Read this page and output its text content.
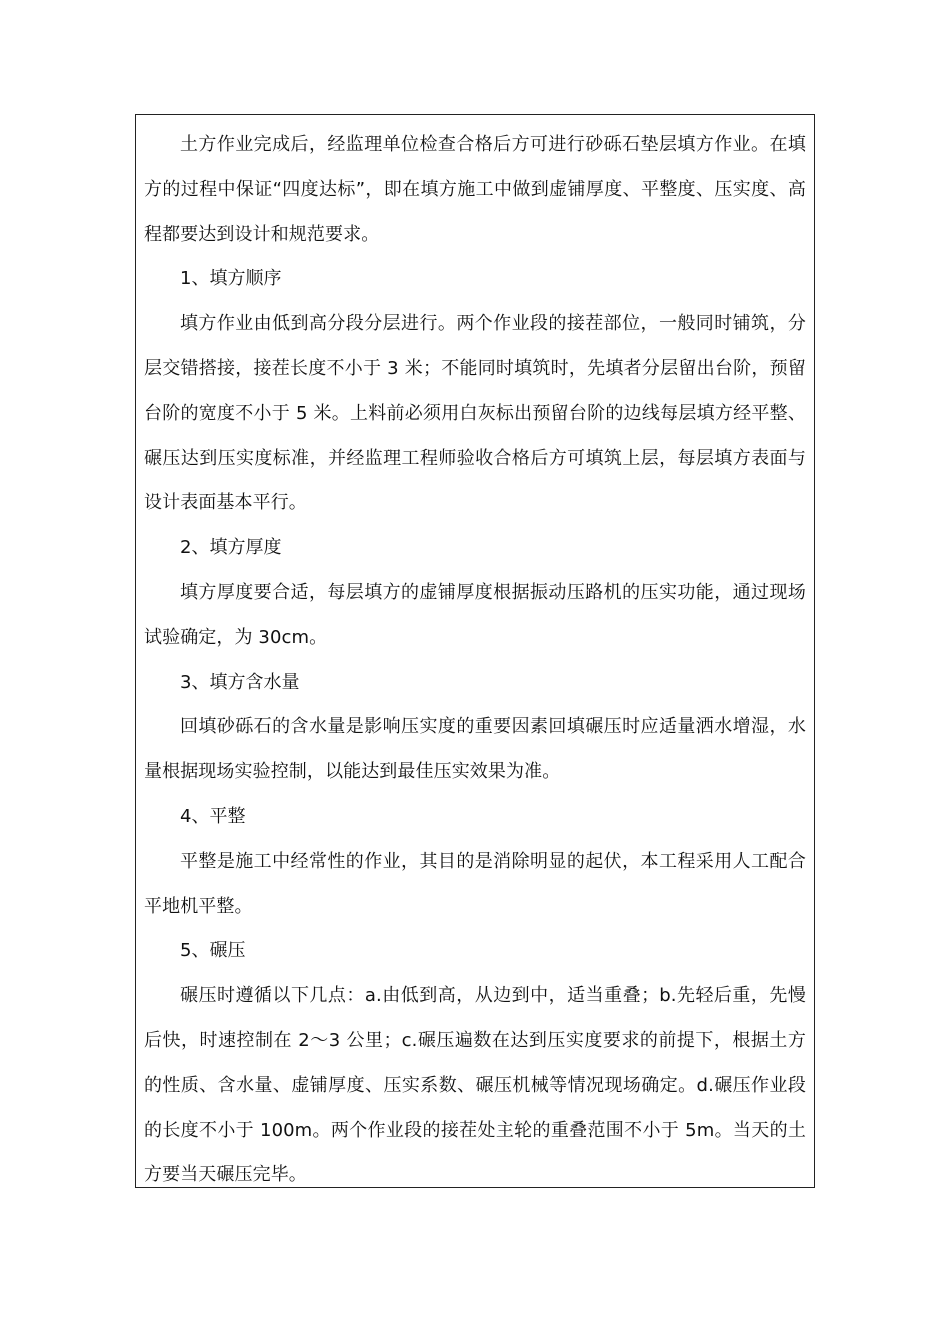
土方作业完成后，经监理单位检查合格后方可进行砂砾石垫层填方作业。在填方的过程中保证“四度达标”，即在填方施工中做到虚铺厚度、平整度、压实度、高程都要达到设计和规范要求。

1、填方顺序

填方作业由低到高分段分层进行。两个作业段的接茬部位，一般同时铺筑，分层交错搭接，接茬长度不小于 3 米；不能同时填筑时，先填者分层留出台阶，预留台阶的宽度不小于 5 米。上料前必须用白灰标出预留台阶的边线每层填方经平整、碾压达到压实度标准，并经监理工程师验收合格后方可填筑上层，每层填方表面与设计表面基本平行。

2、填方厚度

填方厚度要合适，每层填方的虚铺厚度根据振动压路机的压实功能，通过现场试验确定，为 30cm。

3、填方含水量

回填砂砾石的含水量是影响压实度的重要因素回填碾压时应适量洒水增湿，水量根据现场实验控制，以能达到最佳压实效果为准。

4、平整

平整是施工中经常性的作业，其目的是消除明显的起伏，本工程采用人工配合平地机平整。

5、碾压

碾压时遵循以下几点：a.由低到高，从边到中，适当重叠；b.先轻后重，先慢后快，时速控制在 2～3 公里；c.碾压遍数在达到压实度要求的前提下，根据土方的性质、含水量、虚铺厚度、压实系数、碾压机械等情况现场确定。d.碾压作业段的长度不小于 100m。两个作业段的接茬处主轮的重叠范围不小于 5m。当天的土方要当天碾压完毕。
